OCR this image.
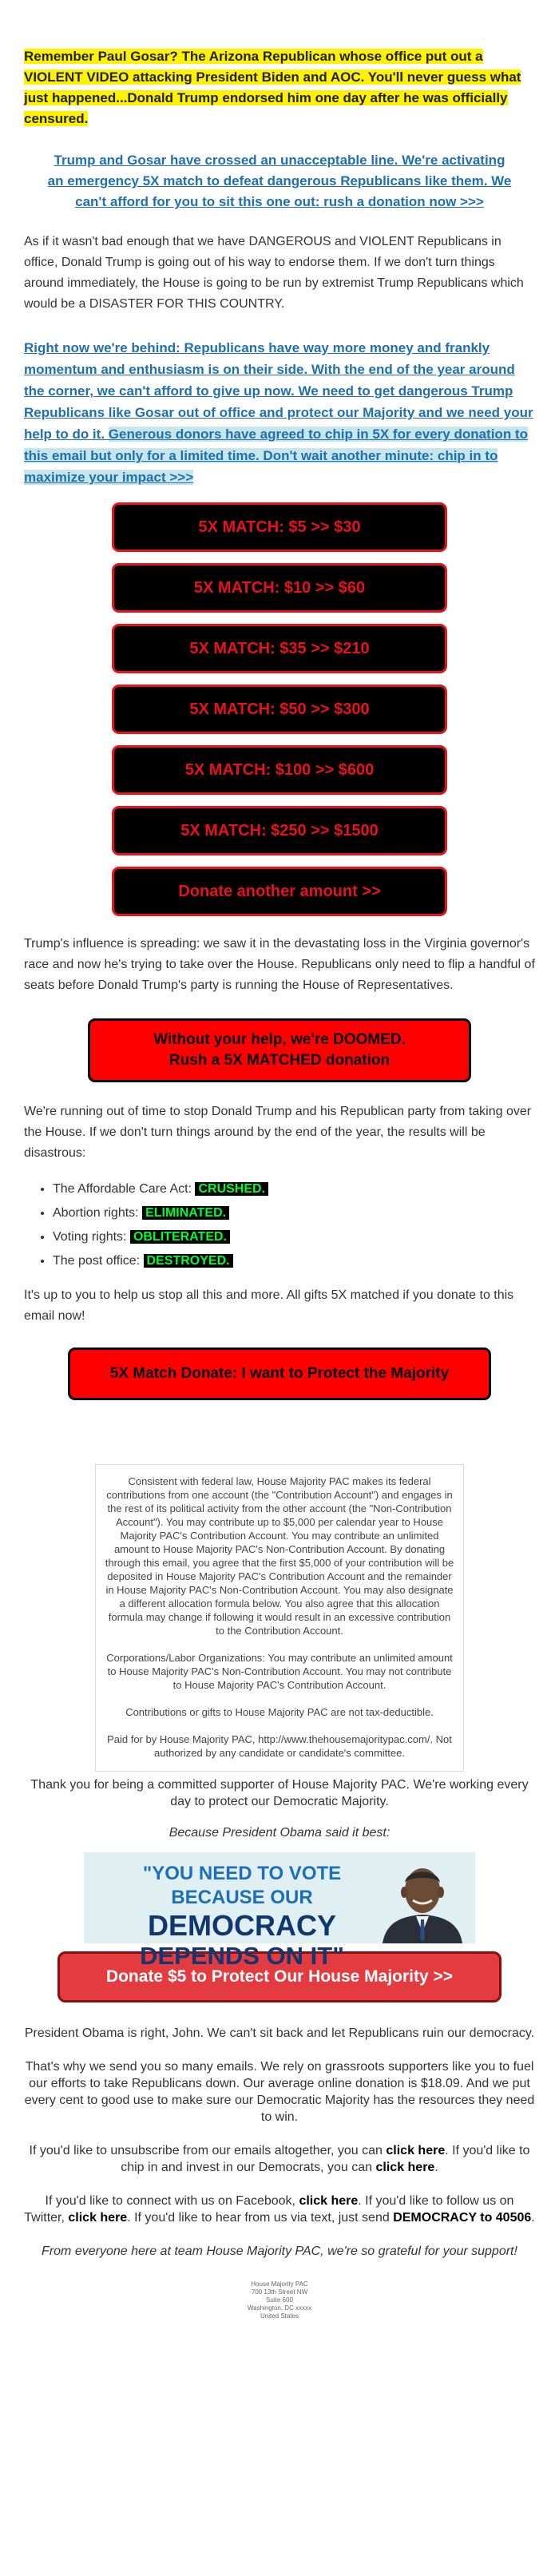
Remember Paul Gosar? The Arizona Republican whose office put out a VIOLENT VIDEO attacking President Biden and AOC. You'll never guess what just happened...Donald Trump endorsed him one day after he was officially censured.

Trump and Gosar have crossed an unacceptable line. We're activating an emergency 5X match to defeat dangerous Republicans like them. We can't afford for you to sit this one out: rush a donation now >>>

As if it wasn't bad enough that we have DANGEROUS and VIOLENT Republicans in office, Donald Trump is going out of his way to endorse them. If we don't turn things around immediately, the House is going to be run by extremist Trump Republicans which would be a DISASTER FOR THIS COUNTRY.

Right now we're behind: Republicans have way more money and frankly momentum and enthusiasm is on their side. With the end of the year around the corner, we can't afford to give up now. We need to get dangerous Trump Republicans like Gosar out of office and protect our Majority and we need your help to do it. Generous donors have agreed to chip in 5X for every donation to this email but only for a limited time. Don't wait another minute: chip in to maximize your impact >>>

5X MATCH: $5 >> $30
5X MATCH: $10 >> $60
5X MATCH: $35 >> $210
5X MATCH: $50 >> $300
5X MATCH: $100 >> $600
5X MATCH: $250 >> $1500
Donate another amount >>

Trump's influence is spreading: we saw it in the devastating loss in the Virginia governor's race and now he's trying to take over the House. Republicans only need to flip a handful of seats before Donald Trump's party is running the House of Representatives.

Without your help, we're DOOMED.
Rush a 5X MATCHED donation

We're running out of time to stop Donald Trump and his Republican party from taking over the House. If we don't turn things around by the end of the year, the results will be disastrous:

• The Affordable Care Act: CRUSHED.
• Abortion rights: ELIMINATED.
• Voting rights: OBLITERATED.
• The post office: DESTROYED.

It's up to you to help us stop all this and more. All gifts 5X matched if you donate to this email now!

5X Match Donate: I want to Protect the Majority

Consistent with federal law, House Majority PAC makes its federal contributions from one account (the "Contribution Account") and engages in the rest of its political activity from the other account (the "Non-Contribution Account"). You may contribute up to $5,000 per calendar year to House Majority PAC's Contribution Account. You may contribute an unlimited amount to House Majority PAC's Non-Contribution Account. By donating through this email, you agree that the first $5,000 of your contribution will be deposited in House Majority PAC's Contribution Account and the remainder in House Majority PAC's Non-Contribution Account. You may also designate a different allocation formula below. You also agree that this allocation formula may change if following it would result in an excessive contribution to the Contribution Account.

Corporations/Labor Organizations: You may contribute an unlimited amount to House Majority PAC's Non-Contribution Account. You may not contribute to House Majority PAC's Contribution Account.

Contributions or gifts to House Majority PAC are not tax-deductible.

Paid for by House Majority PAC, http://www.thehousemajoritypac.com/. Not authorized by any candidate or candidate's committee.

Thank you for being a committed supporter of House Majority PAC. We're working every day to protect our Democratic Majority.

Because President Obama said it best:

"YOU NEED TO VOTE BECAUSE OUR
DEMOCRACY
DEPENDS ON IT"
Donate $5 to Protect Our House Majority >>

President Obama is right, John. We can't sit back and let Republicans ruin our democracy.

That's why we send you so many emails. We rely on grassroots supporters like you to fuel our efforts to take Republicans down. Our average online donation is $18.09. And we put every cent to good use to make sure our Democratic Majority has the resources they need to win.

If you'd like to unsubscribe from our emails altogether, you can click here. If you'd like to chip in and invest in our Democrats, you can click here.

If you'd like to connect with us on Facebook, click here. If you'd like to follow us on Twitter, click here. If you'd like to hear from us via text, just send DEMOCRACY to 40506.

From everyone here at team House Majority PAC, we're so grateful for your support!

House Majority PAC
700 13th Street NW
Suite 600
Washington, DC xxxxx
United States
